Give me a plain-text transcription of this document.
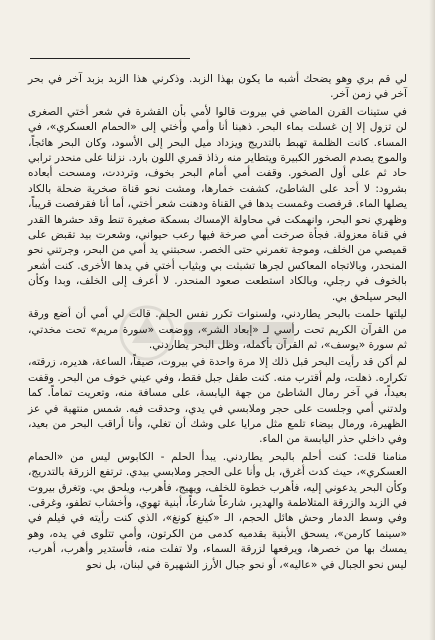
لي قم بري وهو يضحك أشبه ما يكون بهذا الزبد. وذكرني هذا الزبد بزبد آخر في بحر آخر في زمن آخر.

في ستينات القرن الماضي في بيروت قالوا لأمي بأن القشرة في شعر أختي الصغرى لن تزول إلا إن غسلت بماء البحر. ذهبنا أنا وأمي وأختي إلى «الحمام العسكري»، في المساء. كانت الظلمة تهبط بالتدريج ويزداد ميل البحر إلى الأسود، وكان البحر هائجاً، والموج يصدم الصخور الكبيرة ويتطاير منه رذاذ قمري اللون بارد. نزلنا على منحدر ترابي حاد ثم على أول الصخور. وقفت أمي أمام البحر بخوف، وترددت، ومسحت أبعاده بشرود: لا أحد على الشاطئ، كشفت خمارها، ومشت نحو قناة صخرية ضحلة بالكاد يصلها الماء. قرفصت وغمست يدها في القناة ودهنت شعر أختي، أما أنا فقرفصت قريباً، وظهري نحو البحر، وانهمكت في محاولة الإمساك بسمكة صغيرة تنط وقد حشرها القدر في قناة معزولة. فجأة صرخت أمي صرخة فيها رعب حيواني، وشعرت بيد تقبض على قميصي من الخلف، وموجة تغمرني حتى الخصر. سحبتني يد أمي من البحر، وجرتني نحو المنحدر، وبالاتجاه المعاكس لجرها تشبثت بي وبثياب أختي في يدها الأخرى. كنت أشعر بالخوف في رجلي، وبالكاد استطعت صعود المنحدر. لا أعرف إلى الخلف، وبدا وكأن البحر سيلحق بي.

ليلتها حلمت بالبحر يطاردني، ولسنوات تكرر نفس الحلم. قالت لي أمي أن أضع ورقة من القرآن الكريم تحت رأسي لـ «إبعاد الشر»، ووضعت «سورة مريم» تحت مخدتي، ثم سورة «يوسف»، ثم القرآن بأكمله، وظل البحر يطاردني.

لم أكن قد رأيت البحر قبل ذلك إلا مرة واحدة في بيروت، صيفاً، الساعة، هديره، زرقته، تكراره. ذهلت، ولم أقترب منه. كنت طفل جبل فقط، وفي عيني خوف من البحر. وقفت بعيداً، في آخر رمال الشاطئ من جهة اليابسة، على مسافة منه، وتعريت تماماً. كما ولدتني أمي وجلست على حجر وملابسي في يدي، وحدقت فيه. شمس منتهية في عز الظهيرة، ورمال بيضاء تلمع مثل مرايا على وشك أن تغلي، وأنا أراقب البحر من بعيد، وفي داخلي حذر اليابسة من الماء.

منامنا قلت: كنت أحلم بالبحر يطاردني. يبدأ الحلم - الكابوس ليس من «الحمام العسكري»، حيث كدت أغرق، بل وأنا على الحجر وملابسي بيدي. ترتفع الزرقة بالتدريج، وكأن البحر يدعوني إليه، فأهرب خطوة للخلف، ويهيج، فأهرب، ويلحق بي. وتغرق بيروت في الزبد والزرقة المتلاطمة والهدير، شارعاً شارعاً، أبنية تهوي، وأخشاب تطفو، وغرقى. وفي وسط الدمار وحش هائل الحجم، الـ «كينغ كونغ»، الذي كنت رأيته في فيلم في «سينما كارمن»، يسحق الأبنية بقدميه كدمى من الكرتون، وأمي تتلوى في يده، وهو يمسك بها من خصرها، ويرفعها لزرقة السماء، ولا تفلت منه، فأستدير وأهرب، أهرب، ليس نحو الجبال في «عاليه»، أو نحو جبال الأرز الشهيرة في لبنان، بل نحو
